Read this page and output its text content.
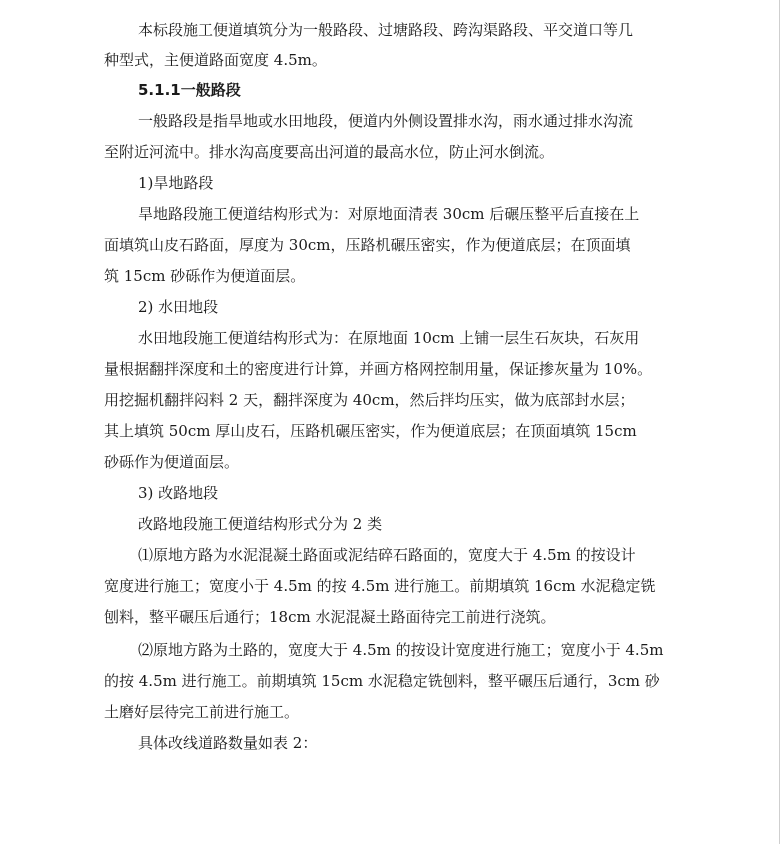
本标段施工便道填筑分为一般路段、过塘路段、跨沟渠路段、平交道口等几
种型式，主便道路面宽度 4.5m。
5.1.1一般路段
一般路段是指旱地或水田地段，便道内外侧设置排水沟，雨水通过排水沟流
至附近河流中。排水沟高度要高出河道的最高水位，防止河水倒流。
1)旱地路段
旱地路段施工便道结构形式为：对原地面清表 30cm 后碾压整平后直接在上
面填筑山皮石路面，厚度为 30cm，压路机碾压密实，作为便道底层；在顶面填
筑 15cm 砂砾作为便道面层。
2) 水田地段
水田地段施工便道结构形式为：在原地面 10cm 上铺一层生石灰块，石灰用
量根据翻拌深度和土的密度进行计算，并画方格网控制用量，保证掺灰量为 10%。
用挖掘机翻拌闷料 2 天，翻拌深度为 40cm，然后拌均压实，做为底部封水层；
其上填筑 50cm 厚山皮石，压路机碾压密实，作为便道底层；在顶面填筑 15cm
砂砾作为便道面层。
3) 改路地段
改路地段施工便道结构形式分为 2 类
⑴原地方路为水泥混凝土路面或泥结碎石路面的，宽度大于 4.5m 的按设计
宽度进行施工；宽度小于 4.5m 的按 4.5m 进行施工。前期填筑 16cm 水泥稳定铣
刨料，整平碾压后通行；18cm 水泥混凝土路面待完工前进行浇筑。
⑵原地方路为土路的，宽度大于 4.5m 的按设计宽度进行施工；宽度小于 4.5m
的按 4.5m 进行施工。前期填筑 15cm 水泥稳定铣刨料，整平碾压后通行，3cm 砂
土磨好层待完工前进行施工。
具体改线道路数量如表 2：
